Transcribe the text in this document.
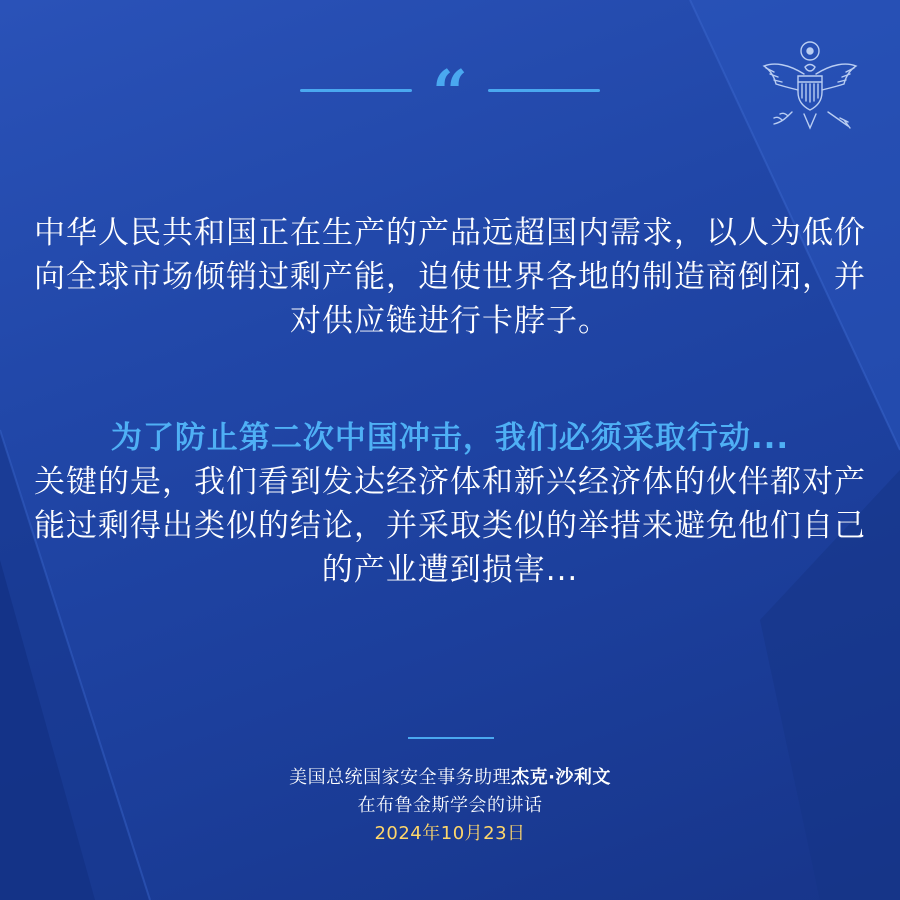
“

中华人民共和国正在生产的产品远超国内需求，以人为低价向全球市场倾销过剩产能，迫使世界各地的制造商倒闭，并对供应链进行卡脖子。

为了防止第二次中国冲击，我们必须采取行动...
关键的是，我们看到发达经济体和新兴经济体的伙伴都对产能过剩得出类似的结论，并采取类似的举措来避免他们自己的产业遭到损害...

美国总统国家安全事务助理杰克·沙利文
在布鲁金斯学会的讲话
2024年10月23日
